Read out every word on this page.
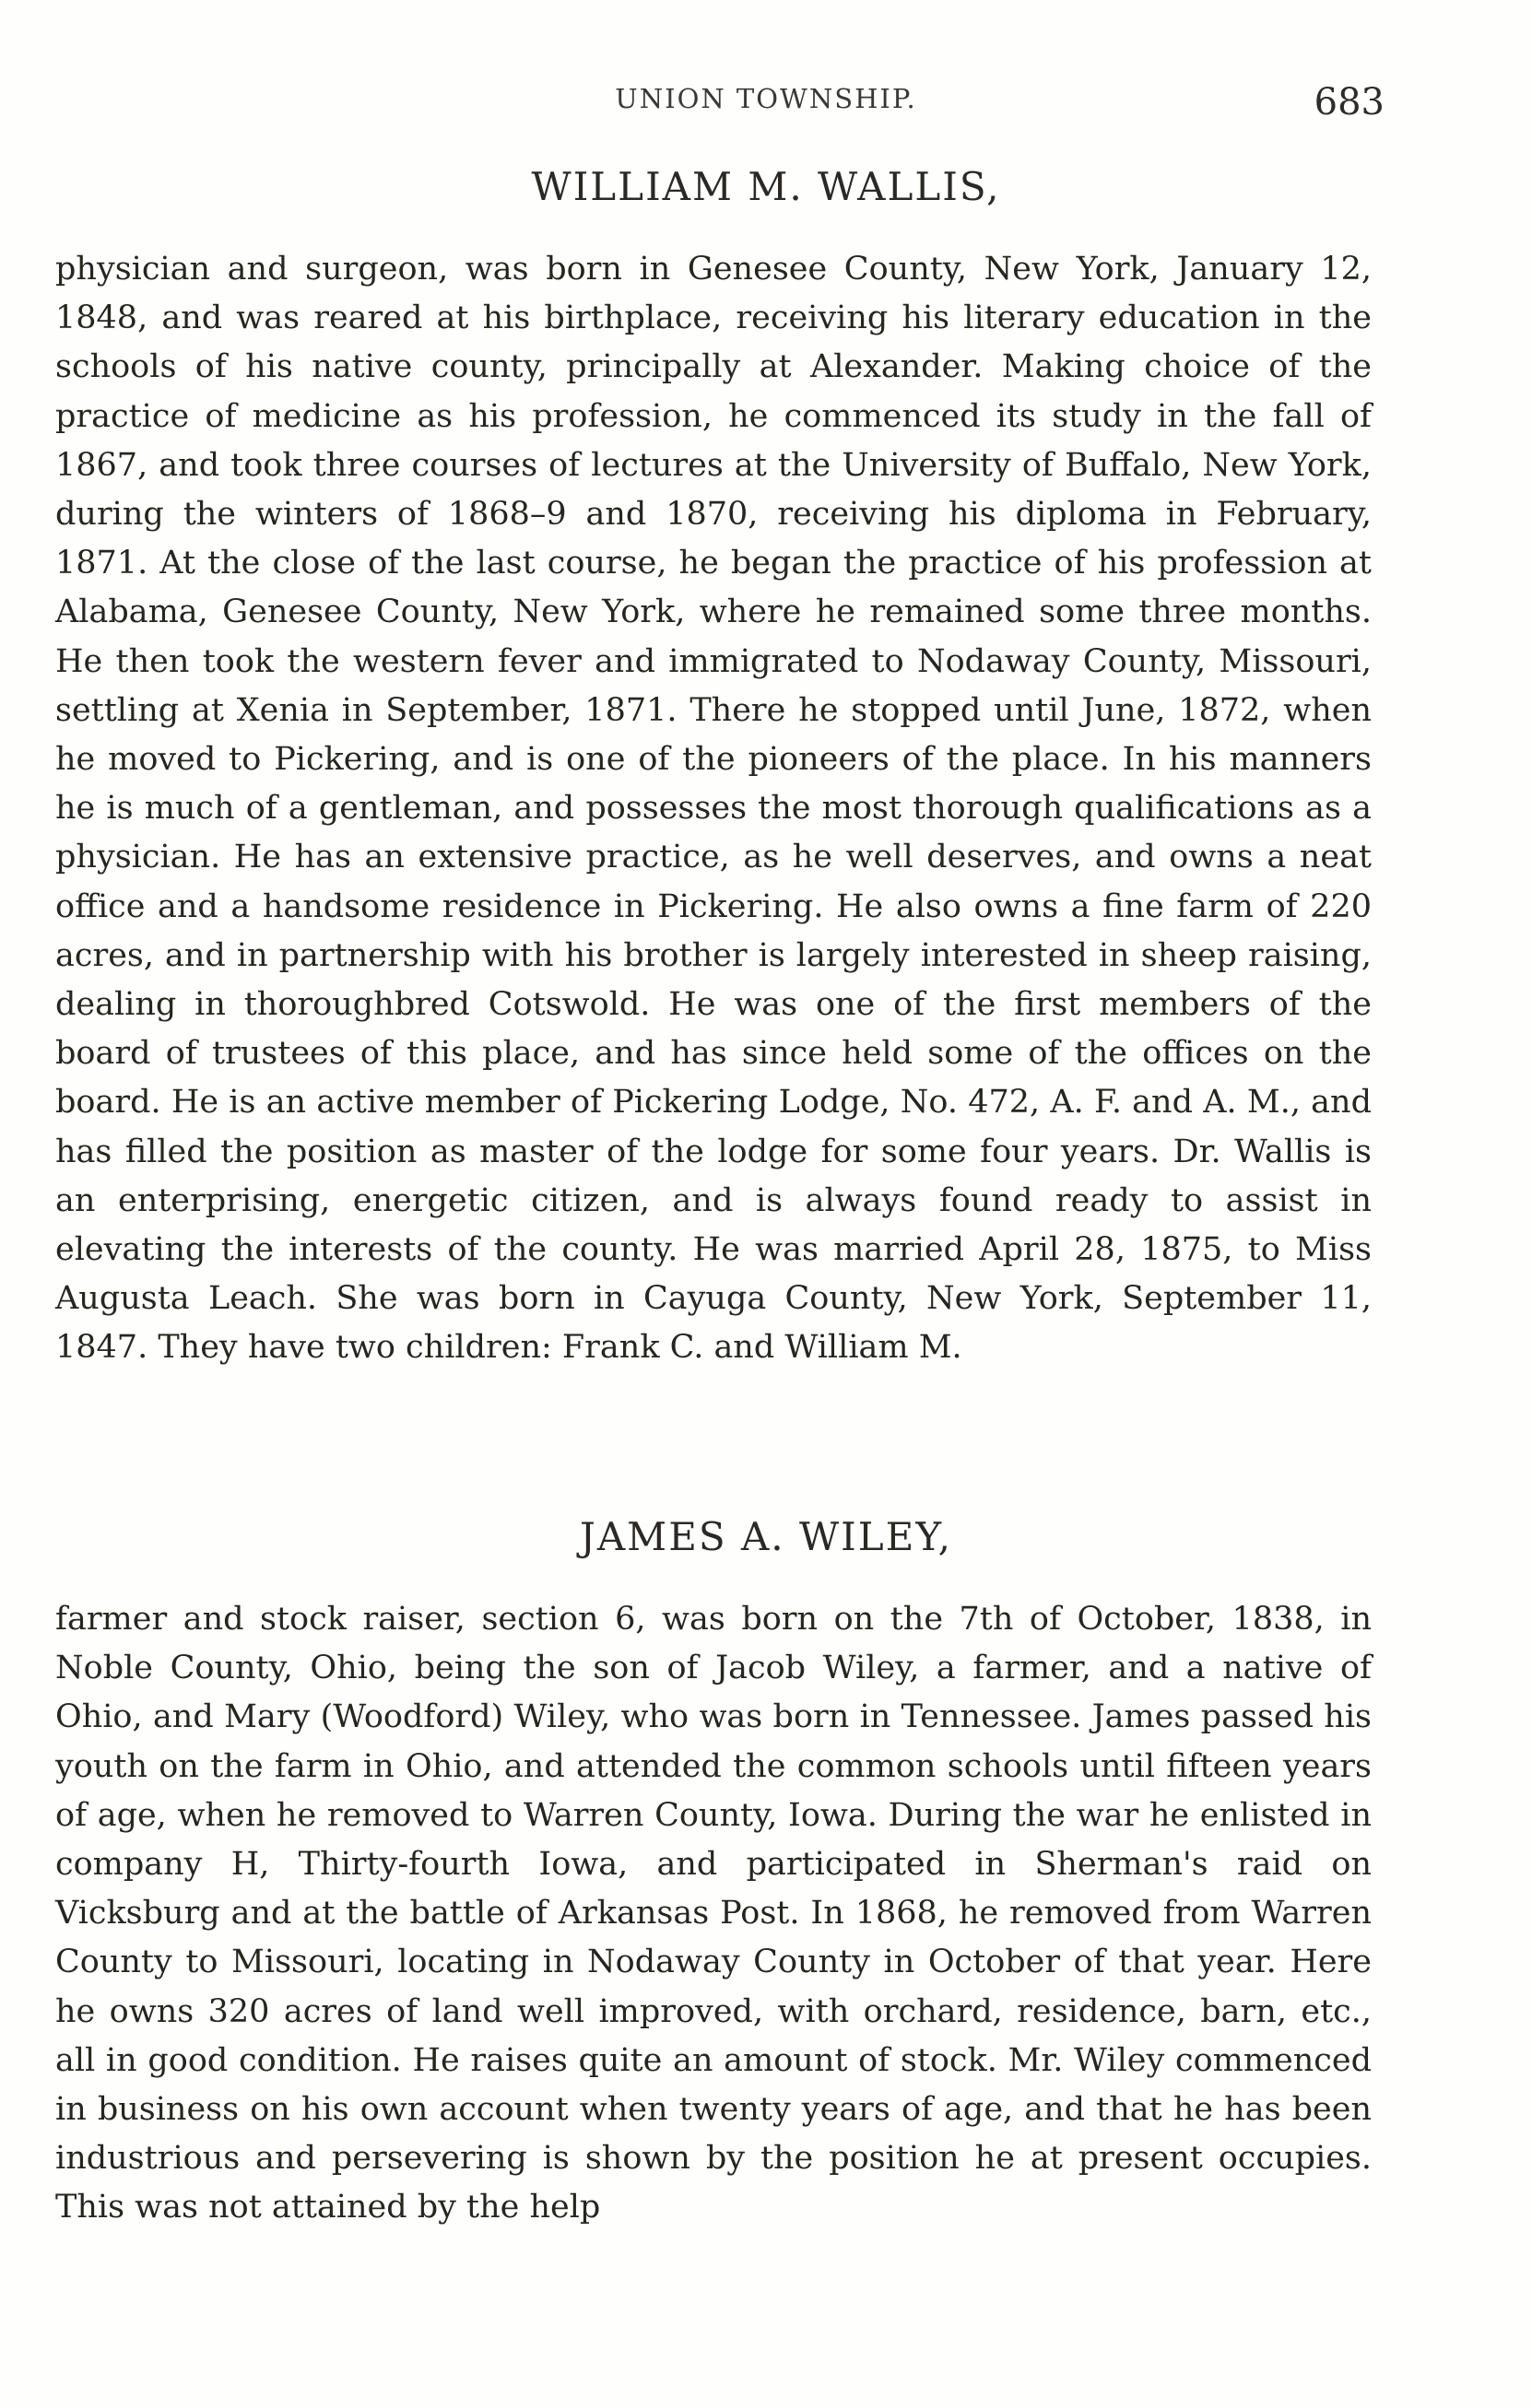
UNION TOWNSHIP.	683
WILLIAM M. WALLIS,

physician and surgeon, was born in Genesee County, New York, January 12, 1848, and was reared at his birthplace, receiving his literary education in the schools of his native county, principally at Alexander. Making choice of the practice of medicine as his profession, he commenced its study in the fall of 1867, and took three courses of lectures at the University of Buffalo, New York, during the winters of 1868–9 and 1870, receiving his diploma in February, 1871. At the close of the last course, he began the practice of his profession at Alabama, Genesee County, New York, where he remained some three months. He then took the western fever and immigrated to Nodaway County, Missouri, settling at Xenia in September, 1871. There he stopped until June, 1872, when he moved to Pickering, and is one of the pioneers of the place. In his manners he is much of a gentleman, and possesses the most thorough qualifications as a physician. He has an extensive practice, as he well deserves, and owns a neat office and a handsome residence in Pickering. He also owns a fine farm of 220 acres, and in partnership with his brother is largely interested in sheep raising, dealing in thoroughbred Cotswold. He was one of the first members of the board of trustees of this place, and has since held some of the offices on the board. He is an active member of Pickering Lodge, No. 472, A. F. and A. M., and has filled the position as master of the lodge for some four years. Dr. Wallis is an enterprising, energetic citizen, and is always found ready to assist in elevating the interests of the county. He was married April 28, 1875, to Miss Augusta Leach. She was born in Cayuga County, New York, September 11, 1847. They have two children: Frank C. and William M.

JAMES A. WILEY,

farmer and stock raiser, section 6, was born on the 7th of October, 1838, in Noble County, Ohio, being the son of Jacob Wiley, a farmer, and a native of Ohio, and Mary (Woodford) Wiley, who was born in Tennessee. James passed his youth on the farm in Ohio, and attended the common schools until fifteen years of age, when he removed to Warren County, Iowa. During the war he enlisted in company H, Thirty-fourth Iowa, and participated in Sherman's raid on Vicksburg and at the battle of Arkansas Post. In 1868, he removed from Warren County to Missouri, locating in Nodaway County in October of that year. Here he owns 320 acres of land well improved, with orchard, residence, barn, etc., all in good condition. He raises quite an amount of stock. Mr. Wiley commenced in business on his own account when twenty years of age, and that he has been industrious and persevering is shown by the position he at present occupies. This was not attained by the help
